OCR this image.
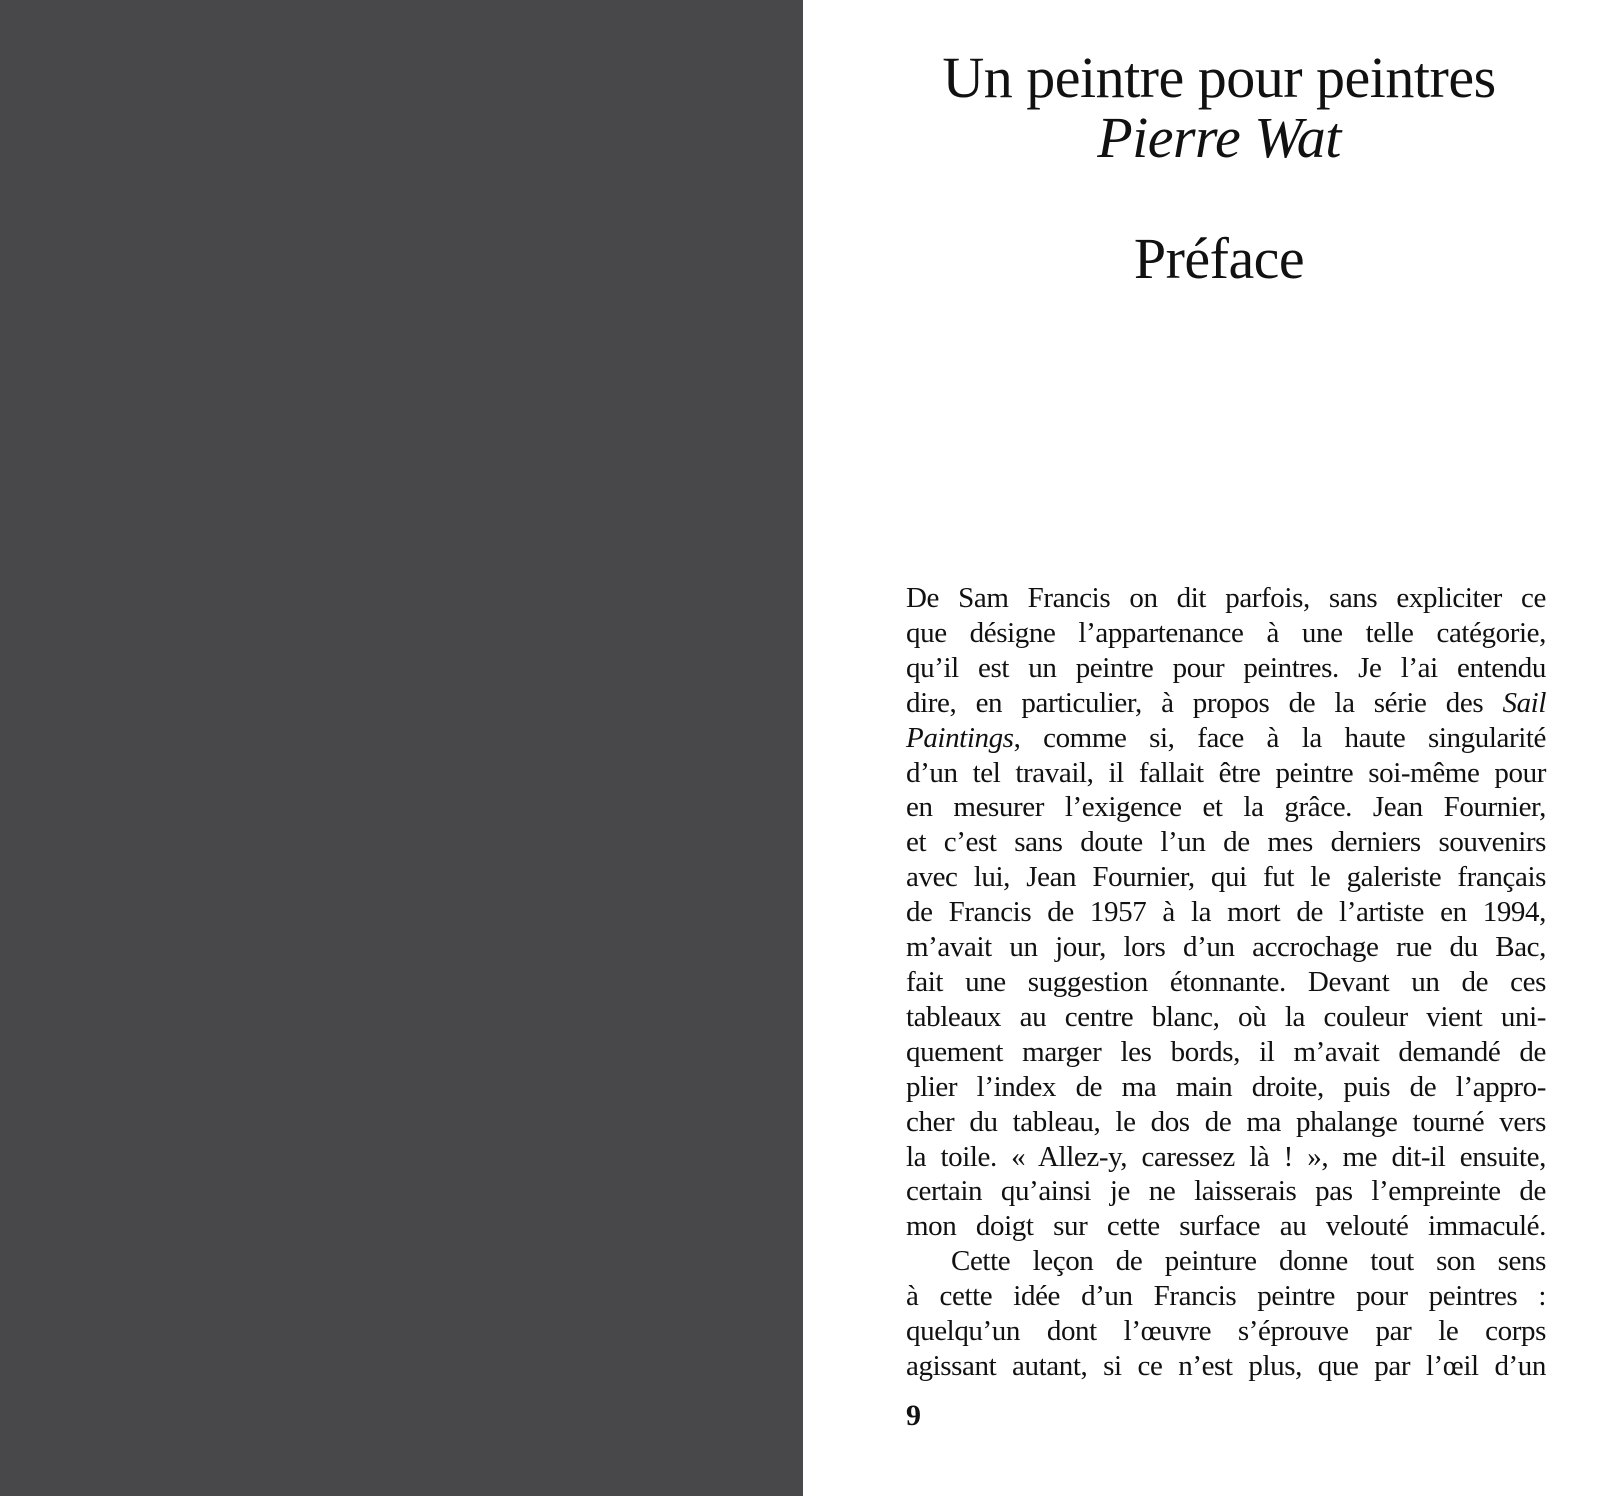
Un peintre pour peintres
Pierre Wat
Préface
De Sam Francis on dit parfois, sans expliciter ce
que désigne l’appartenance à une telle catégorie,
qu’il est un peintre pour peintres. Je l’ai entendu
dire, en particulier, à propos de la série des Sail
Paintings, comme si, face à la haute singularité
d’un tel travail, il fallait être peintre soi-même pour
en mesurer l’exigence et la grâce. Jean Fournier,
et c’est sans doute l’un de mes derniers souvenirs
avec lui, Jean Fournier, qui fut le galeriste français
de Francis de 1957 à la mort de l’artiste en 1994,
m’avait un jour, lors d’un accrochage rue du Bac,
fait une suggestion étonnante. Devant un de ces
tableaux au centre blanc, où la couleur vient uni-
quement marger les bords, il m’avait demandé de
plier l’index de ma main droite, puis de l’appro-
cher du tableau, le dos de ma phalange tourné vers
la toile. « Allez-y, caressez là ! », me dit-il ensuite,
certain qu’ainsi je ne laisserais pas l’empreinte de
mon doigt sur cette surface au velouté immaculé.
Cette leçon de peinture donne tout son sens
à cette idée d’un Francis peintre pour peintres :
quelqu’un dont l’œuvre s’éprouve par le corps
agissant autant, si ce n’est plus, que par l’œil d’un

9
